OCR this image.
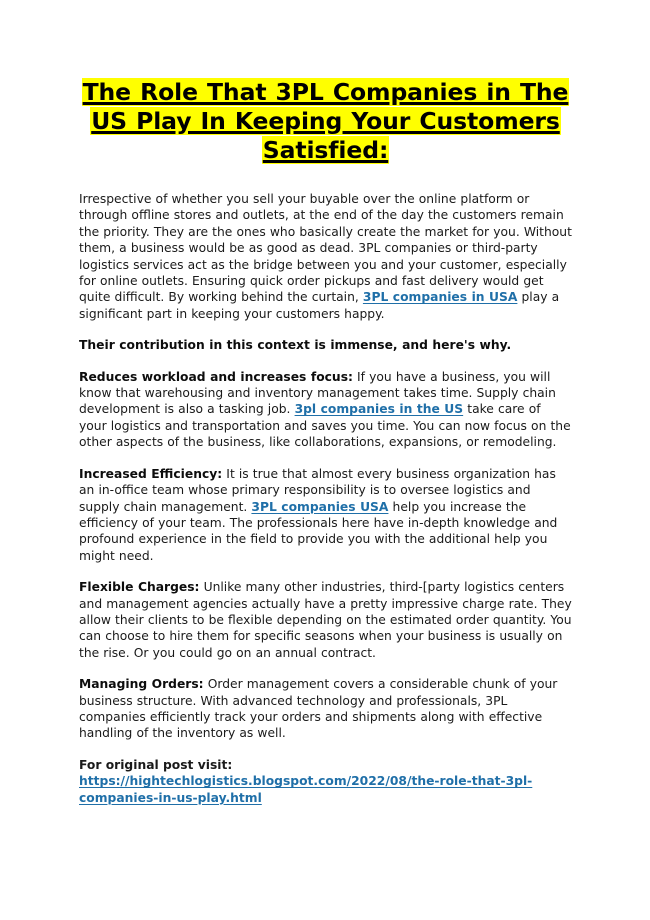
The Role That 3PL Companies in The
US Play In Keeping Your Customers
Satisfied:

Irrespective of whether you sell your buyable over the online platform or through offline stores and outlets, at the end of the day the customers remain the priority. They are the ones who basically create the market for you. Without them, a business would be as good as dead. 3PL companies or third-party logistics services act as the bridge between you and your customer, especially for online outlets. Ensuring quick order pickups and fast delivery would get quite difficult. By working behind the curtain, 3PL companies in USA play a significant part in keeping your customers happy.

Their contribution in this context is immense, and here's why.

Reduces workload and increases focus: If you have a business, you will know that warehousing and inventory management takes time. Supply chain development is also a tasking job. 3pl companies in the US take care of your logistics and transportation and saves you time. You can now focus on the other aspects of the business, like collaborations, expansions, or remodeling.

Increased Efficiency: It is true that almost every business organization has an in-office team whose primary responsibility is to oversee logistics and supply chain management. 3PL companies USA help you increase the efficiency of your team. The professionals here have in-depth knowledge and profound experience in the field to provide you with the additional help you might need.

Flexible Charges: Unlike many other industries, third-[party logistics centers and management agencies actually have a pretty impressive charge rate. They allow their clients to be flexible depending on the estimated order quantity. You can choose to hire them for specific seasons when your business is usually on the rise. Or you could go on an annual contract.

Managing Orders: Order management covers a considerable chunk of your business structure. With advanced technology and professionals, 3PL companies efficiently track your orders and shipments along with effective handling of the inventory as well.

For original post visit:
https://hightechlogistics.blogspot.com/2022/08/the-role-that-3pl-companies-in-us-play.html
